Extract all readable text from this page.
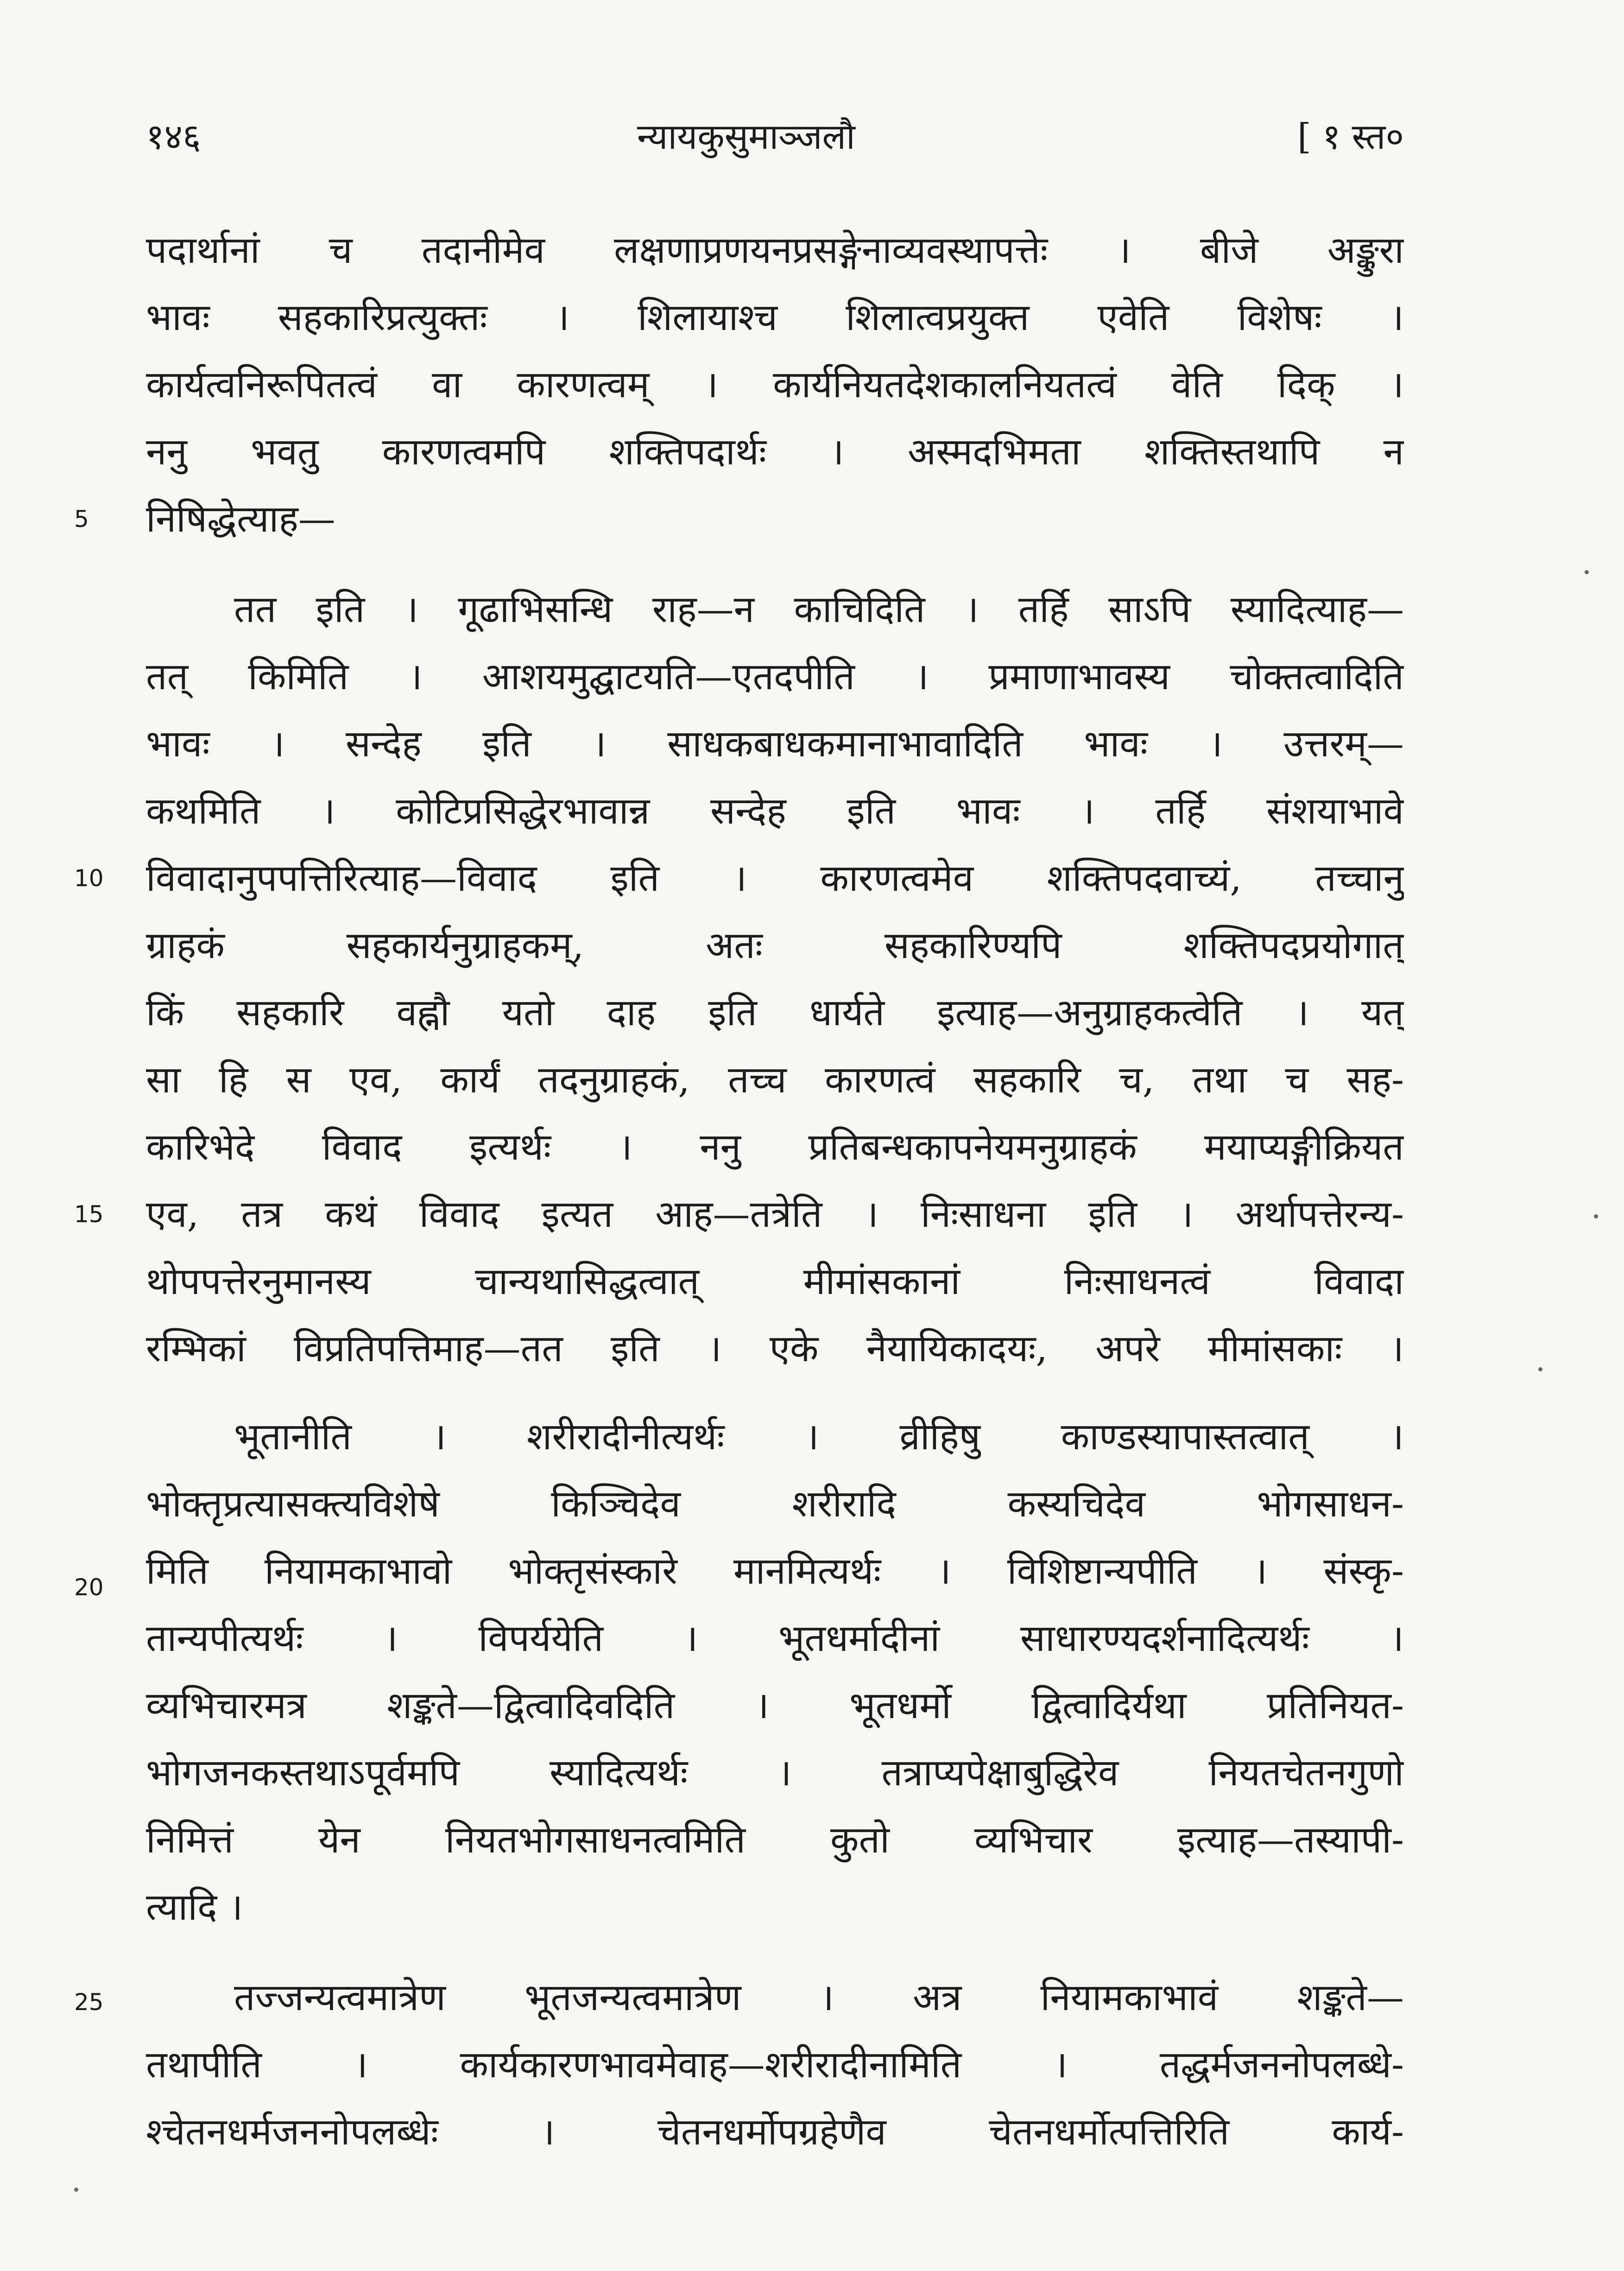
१४६	न्यायकुसुमाञ्जलौ	[ १ स्त०
पदार्थानां च तदानीमेव लक्षणाप्रणयनप्रसङ्गेनाव्यवस्थापत्तेः । बीजे अङ्कुरा
भावः सहकारिप्रत्युक्तः । शिलायाश्च शिलात्वप्रयुक्त एवेति विशेषः ।
कार्यत्वनिरूपितत्वं वा कारणत्वम् । कार्यनियतदेशकालनियतत्वं वेति दिक् ।
ननु भवतु कारणत्वमपि शक्तिपदार्थः । अस्मदभिमता शक्तिस्तथापि न
निषिद्धेत्याह—
तत इति । गूढाभिसन्धि राह—न काचिदिति । तर्हि साऽपि स्यादित्याह—
तत् किमिति । आशयमुद्घाटयति—एतदपीति । प्रमाणाभावस्य चोक्तत्वादिति
भावः । सन्देह इति । साधकबाधकमानाभावादिति भावः । उत्तरम्—
कथमिति । कोटिप्रसिद्धेरभावान्न सन्देह इति भावः । तर्हि संशयाभावे
विवादानुपपत्तिरित्याह—विवाद इति । कारणत्वमेव शक्तिपदवाच्यं, तच्चानु
ग्राहकं सहकार्यनुग्राहकम्, अतः सहकारिण्यपि शक्तिपदप्रयोगात्
किं सहकारि वह्नौ यतो दाह इति धार्यते इत्याह—अनुग्राहकत्वेति । यत्
सा हि स एव, कार्यं तदनुग्राहकं, तच्च कारणत्वं सहकारि च, तथा च सह-
कारिभेदे विवाद इत्यर्थः । ननु प्रतिबन्धकापनेयमनुग्राहकं मयाप्यङ्गीक्रियत
एव, तत्र कथं विवाद इत्यत आह—तत्रेति । निःसाधना इति । अर्थापत्तेरन्य-
थोपपत्तेरनुमानस्य चान्यथासिद्धत्वात् मीमांसकानां निःसाधनत्वं विवादा
रम्भिकां विप्रतिपत्तिमाह—तत इति । एके नैयायिकादयः, अपरे मीमांसकाः ।
भूतानीति । शरीरादीनीत्यर्थः । व्रीहिषु काण्डस्यापास्तत्वात् ।
भोक्तृप्रत्यासक्त्यविशेषे किञ्चिदेव शरीरादि कस्यचिदेव भोगसाधन-
मिति नियामकाभावो भोक्तृसंस्कारे मानमित्यर्थः । विशिष्टान्यपीति । संस्कृ-
तान्यपीत्यर्थः । विपर्ययेति । भूतधर्मादीनां साधारण्यदर्शनादित्यर्थः ।
व्यभिचारमत्र शङ्कते—द्वित्वादिवदिति । भूतधर्मो द्वित्वादिर्यथा प्रतिनियत-
भोगजनकस्तथाऽपूर्वमपि स्यादित्यर्थः । तत्राप्यपेक्षाबुद्धिरेव नियतचेतनगुणो
निमित्तं येन नियतभोगसाधनत्वमिति कुतो व्यभिचार इत्याह—तस्यापी-
त्यादि ।
तज्जन्यत्वमात्रेण भूतजन्यत्वमात्रेण । अत्र नियामकाभावं शङ्कते—
तथापीति । कार्यकारणभावमेवाह—शरीरादीनामिति । तद्धर्मजननोपलब्धे-
श्चेतनधर्मजननोपलब्धेः । चेतनधर्मोपग्रहेणैव चेतनधर्मोत्पत्तिरिति कार्य-
5
10
15
20
25
